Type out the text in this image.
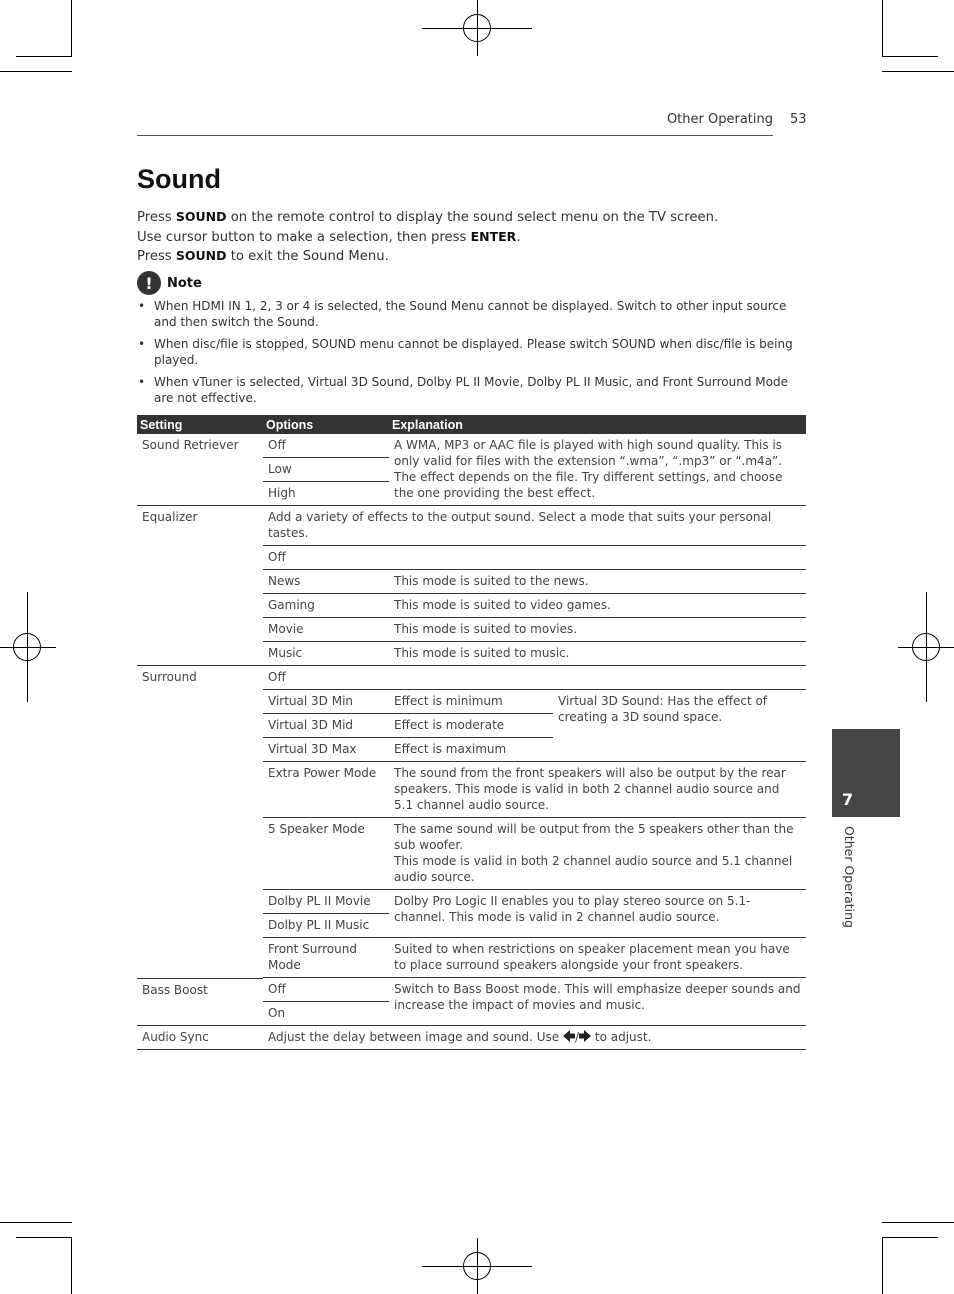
Other Operating 53
Sound
Press SOUND on the remote control to display the sound select menu on the TV screen.
Use cursor button to make a selection, then press ENTER.
Press SOUND to exit the Sound Menu.
!	Note
• When HDMI IN 1, 2, 3 or 4 is selected, the Sound Menu cannot be displayed. Switch to other input source and then switch the Sound.
• When disc/file is stopped, SOUND menu cannot be displayed. Please switch SOUND when disc/file is being played.
• When vTuner is selected, Virtual 3D Sound, Dolby PL II Movie, Dolby PL II Music, and Front Surround Mode are not effective.
Setting	Options	Explanation	
Sound Retriever	Off	A WMA, MP3 or AAC file is played with high sound quality. This is only valid for files with the extension “.wma”, “.mp3” or “.m4a”. The effect depends on the file. Try different settings, and choose the one providing the best effect.	
	Low		
	High		
Equalizer	Add a variety of effects to the output sound. Select a mode that suits your personal tastes.		
	Off		
	News	This mode is suited to the news.	
	Gaming	This mode is suited to video games.	
	Movie	This mode is suited to movies.	
	Music	This mode is suited to music.	
Surround	Off		
	Virtual 3D Min	Effect is minimum	Virtual 3D Sound: Has the effect of creating a 3D sound space.
	Virtual 3D Mid	Effect is moderate	
	Virtual 3D Max	Effect is maximum	
	Extra Power Mode	The sound from the front speakers will also be output by the rear speakers. This mode is valid in both 2 channel audio source and 5.1 channel audio source.	
	5 Speaker Mode	The same sound will be output from the 5 speakers other than the sub woofer.
This mode is valid in both 2 channel audio source and 5.1 channel audio source.	

	Dolby PL II Movie	Dolby Pro Logic II enables you to play stereo source on 5.1-channel. This mode is valid in 2 channel audio source.	
	Dolby PL II Music		
	Front Surround Mode	Suited to when restrictions on speaker placement mean you have to place surround speakers alongside your front speakers.	

Bass Boost	Off	Switch to Bass Boost mode. This will emphasize deeper sounds and increase the impact of movies and music.	
	On		
Audio Sync	Adjust the delay between image and sound. Use / to adjust.		
7
Other Operating
